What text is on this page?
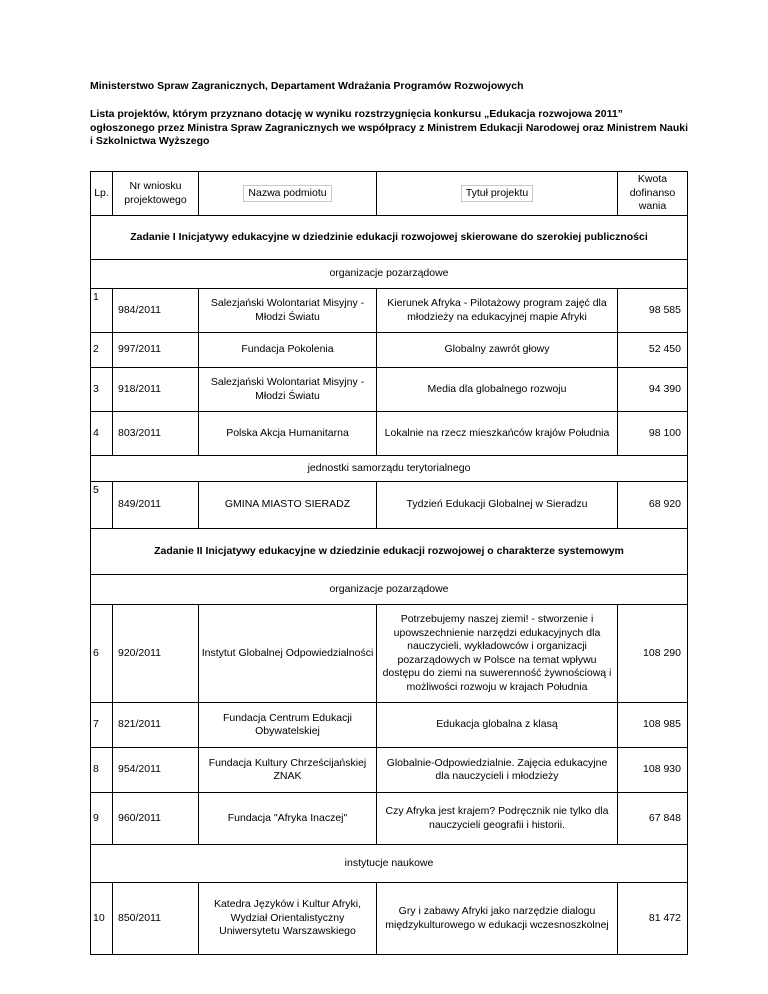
Ministerstwo Spraw Zagranicznych, Departament Wdrażania Programów Rozwojowych
Lista projektów, którym przyznano dotację w wyniku rozstrzygnięcia konkursu „Edukacja rozwojowa 2011” ogłoszonego przez Ministra Spraw Zagranicznych we współpracy z Ministrem Edukacji Narodowej oraz Ministrem Nauki i Szkolnictwa Wyższego
Lp.	Nr wniosku projektowego	Nazwa podmiotu	Tytuł projektu	Kwota dofinanso wania
Zadanie I Inicjatywy edukacyjne w dziedzinie edukacji rozwojowej skierowane do szerokiej publiczności				
organizacje pozarządowe				
1	984/2011	Salezjański Wolontariat Misyjny - Młodzi Światu	Kierunek Afryka - Pilotażowy program zajęć dla młodzieży na edukacyjnej mapie Afryki	98 585
2	997/2011	Fundacja Pokolenia	Globalny zawrót głowy	52 450
3	918/2011	Salezjański Wolontariat Misyjny - Młodzi Światu	Media dla globalnego rozwoju	94 390
4	803/2011	Polska Akcja Humanitarna	Lokalnie na rzecz mieszkańców krajów Południa	98 100
jednostki samorządu terytorialnego				
5	849/2011	GMINA MIASTO SIERADZ	Tydzień Edukacji Globalnej w Sieradzu	68 920
Zadanie II Inicjatywy edukacyjne w dziedzinie edukacji rozwojowej o charakterze systemowym				
organizacje pozarządowe				
6	920/2011	Instytut Globalnej Odpowiedzialności	Potrzebujemy naszej ziemi! - stworzenie i upowszechnienie narzędzi edukacyjnych dla nauczycieli, wykładowców i organizacji pozarządowych w Polsce na temat wpływu dostępu do ziemi na suwerenność żywnościową i możliwości rozwoju w krajach Południa	108 290
7	821/2011	Fundacja Centrum Edukacji Obywatelskiej	Edukacja globalna z klasą	108 985
8	954/2011	Fundacja Kultury Chrześcijańskiej ZNAK	Globalnie-Odpowiedzialnie. Zajęcia edukacyjne dla nauczycieli i młodzieży	108 930
9	960/2011	Fundacja "Afryka Inaczej"	Czy Afryka jest krajem? Podręcznik nie tylko dla nauczycieli geografii i historii.	67 848
instytucje naukowe				
10	850/2011	Katedra Języków i Kultur Afryki, Wydział Orientalistyczny Uniwersytetu Warszawskiego	Gry i zabawy Afryki jako narzędzie dialogu międzykulturowego w edukacji wczesnoszkolnej	81 472
